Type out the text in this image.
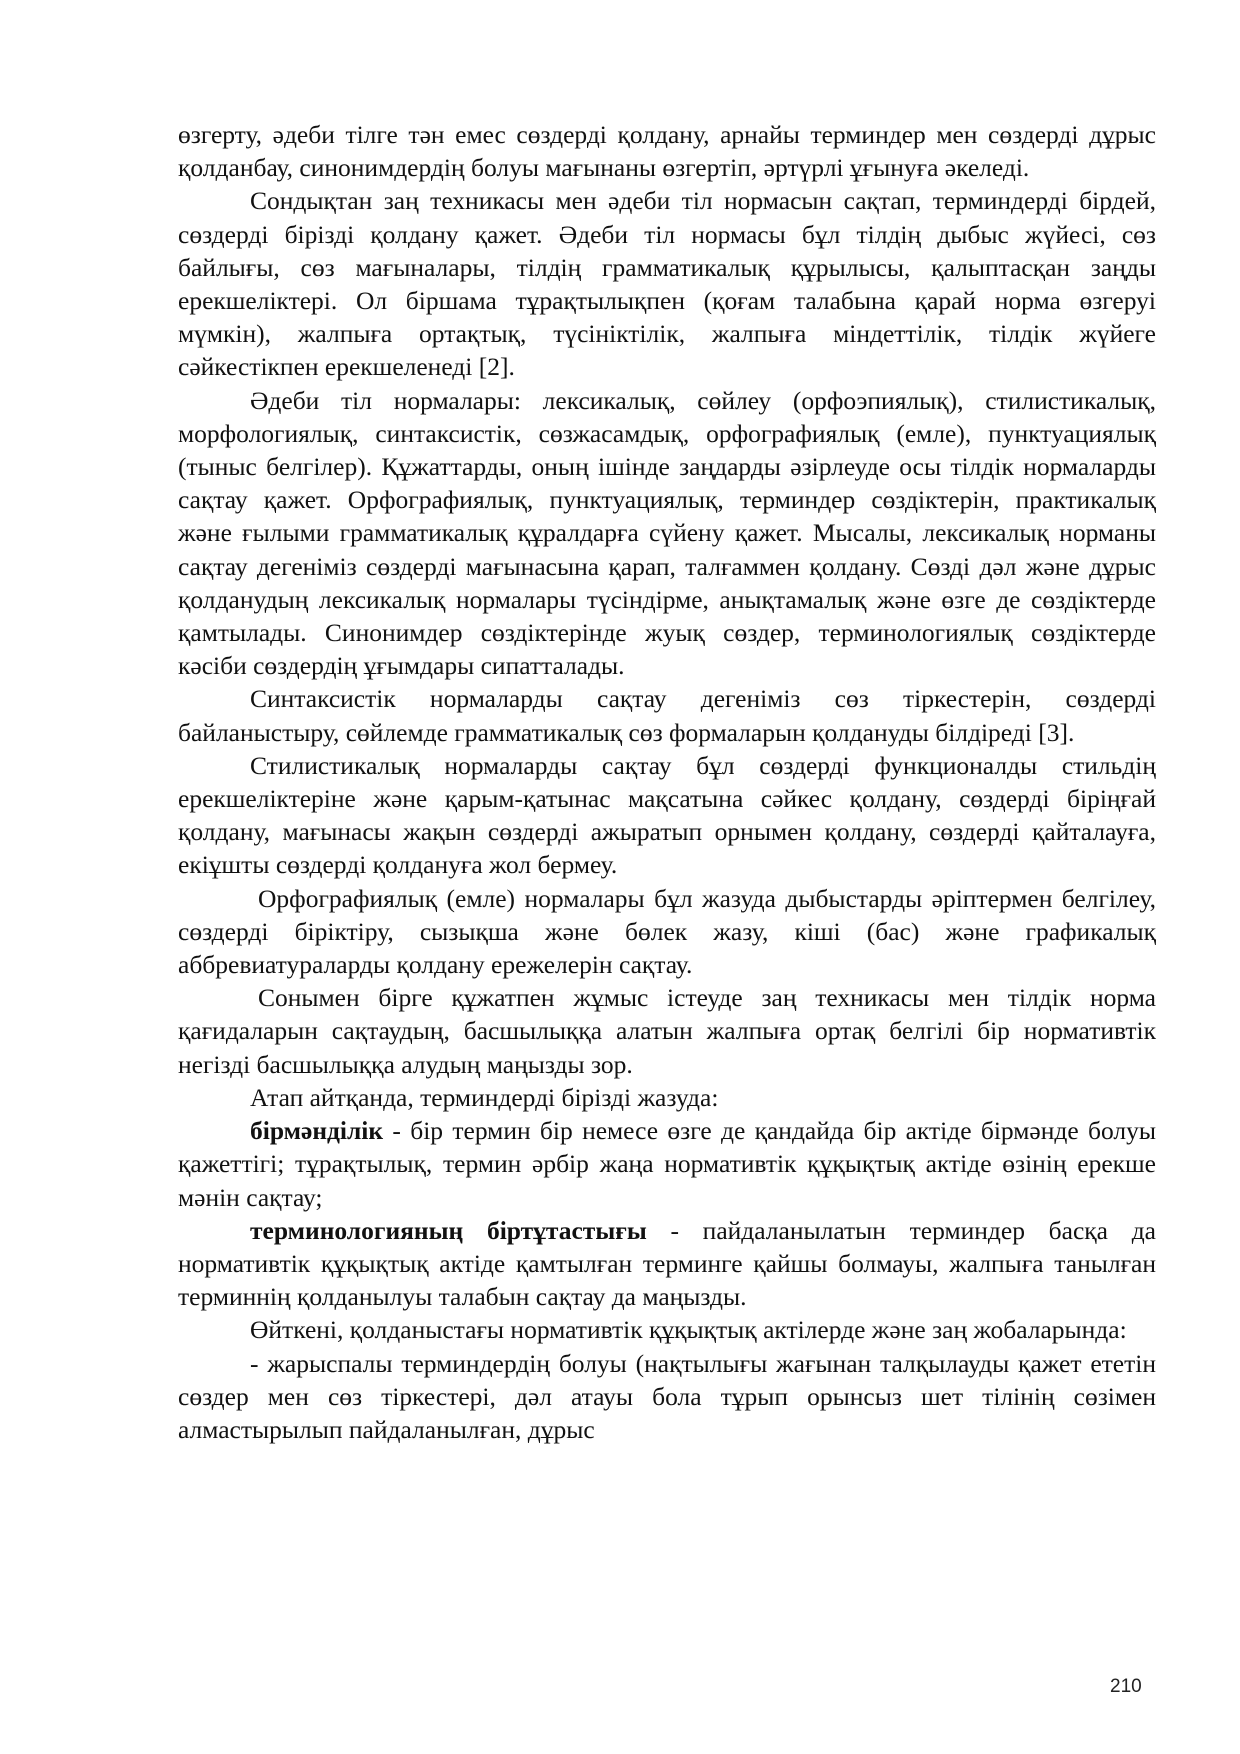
өзгерту, әдеби тілге тән емес сөздерді қолдану, арнайы терминдер мен сөздерді дұрыс қолданбау, синонимдердің болуы мағынаны өзгертіп, әртүрлі ұғынуға әкеледі.

Сондықтан заң техникасы мен әдеби тіл нормасын сақтап, терминдерді бірдей, сөздерді бірізді қолдану қажет. Әдеби тіл нормасы бұл тілдің дыбыс жүйесі, сөз байлығы, сөз мағыналары, тілдің грамматикалық құрылысы, қалыптасқан заңды ерекшеліктері. Ол біршама тұрақтылықпен (қоғам талабына қарай норма өзгеруі мүмкін), жалпыға ортақтық, түсініктілік, жалпыға міндеттілік, тілдік жүйеге сәйкестікпен ерекшеленеді [2].

Әдеби тіл нормалары: лексикалық, сөйлеу (орфоэпиялық), стилистикалық, морфологиялық, синтаксистік, сөзжасамдық, орфографиялық (емле), пунктуациялық (тыныс белгілер). Құжаттарды, оның ішінде заңдарды әзірлеуде осы тілдік нормаларды сақтау қажет. Орфографиялық, пунктуациялық, терминдер сөздіктерін, практикалық және ғылыми грамматикалық құралдарға сүйену қажет. Мысалы, лексикалық норманы сақтау дегеніміз сөздерді мағынасына қарап, талғаммен қолдану. Сөзді дәл және дұрыс қолданудың лексикалық нормалары түсіндірме, анықтамалық және өзге де сөздіктерде қамтылады. Синонимдер сөздіктерінде жуық сөздер, терминологиялық сөздіктерде кәсіби сөздердің ұғымдары сипатталады.

Синтаксистік нормаларды сақтау дегеніміз сөз тіркестерін, сөздерді байланыстыру, сөйлемде грамматикалық сөз формаларын қолдануды білдіреді [3].

Стилистикалық нормаларды сақтау бұл сөздерді функционалды стильдің ерекшеліктеріне және қарым-қатынас мақсатына сәйкес қолдану, сөздерді біріңғай қолдану, мағынасы жақын сөздерді ажыратып орнымен қолдану, сөздерді қайталауға, екіұшты сөздерді қолдануға жол бермеу.

Орфографиялық (емле) нормалары бұл жазуда дыбыстарды әріптермен белгілеу, сөздерді біріктіру, сызықша және бөлек жазу, кіші (бас) және графикалық аббревиатураларды қолдану ережелерін сақтау.

Сонымен бірге құжатпен жұмыс істеуде заң техникасы мен тілдік норма қағидаларын сақтаудың, басшылыққа алатын жалпыға ортақ белгілі бір нормативтік негізді басшылыққа алудың маңызды зор.

Атап айтқанда, терминдерді бірізді жазуда:

бірмәнділік - бір термин бір немесе өзге де қандайда бір актіде бірмәнде болуы қажеттігі; тұрақтылық, термин әрбір жаңа нормативтік құқықтық актіде өзінің ерекше мәнін сақтау;

терминологияның біртұтастығы - пайдаланылатын терминдер басқа да нормативтік құқықтық актіде қамтылған терминге қайшы болмауы, жалпыға танылған терминнің қолданылуы талабын сақтау да маңызды.

Өйткені, қолданыстағы нормативтік құқықтық актілерде және заң жобаларында:

- жарыспалы терминдердің болуы (нақтылығы жағынан талқылауды қажет ететін сөздер мен сөз тіркестері, дәл атауы бола тұрып орынсыз шет тілінің сөзімен алмастырылып пайдаланылған, дұрыс

210
